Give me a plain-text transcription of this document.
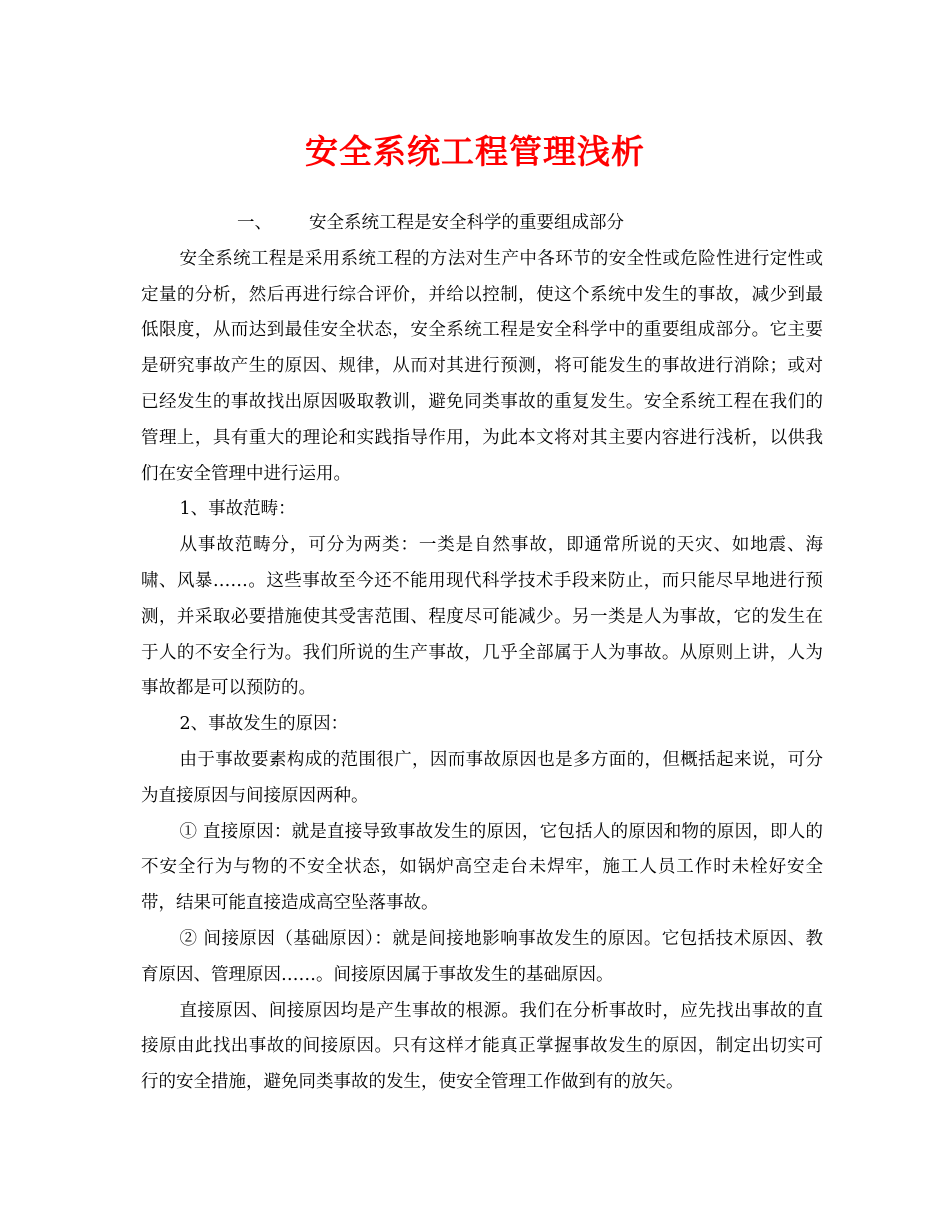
安全系统工程管理浅析

一、 安全系统工程是安全科学的重要组成部分

安全系统工程是采用系统工程的方法对生产中各环节的安全性或危险性进行定性或定量的分析，然后再进行综合评价，并给以控制，使这个系统中发生的事故，减少到最低限度，从而达到最佳安全状态，安全系统工程是安全科学中的重要组成部分。它主要是研究事故产生的原因、规律，从而对其进行预测，将可能发生的事故进行消除；或对已经发生的事故找出原因吸取教训，避免同类事故的重复发生。安全系统工程在我们的管理上，具有重大的理论和实践指导作用，为此本文将对其主要内容进行浅析，以供我们在安全管理中进行运用。

1、事故范畴：

从事故范畴分，可分为两类：一类是自然事故，即通常所说的天灾、如地震、海啸、风暴……。这些事故至今还不能用现代科学技术手段来防止，而只能尽早地进行预测，并采取必要措施使其受害范围、程度尽可能减少。另一类是人为事故，它的发生在于人的不安全行为。我们所说的生产事故，几乎全部属于人为事故。从原则上讲，人为事故都是可以预防的。

2、事故发生的原因：

由于事故要素构成的范围很广，因而事故原因也是多方面的，但概括起来说，可分为直接原因与间接原因两种。

① 直接原因：就是直接导致事故发生的原因，它包括人的原因和物的原因，即人的不安全行为与物的不安全状态，如锅炉高空走台未焊牢，施工人员工作时未栓好安全带，结果可能直接造成高空坠落事故。

② 间接原因（基础原因）：就是间接地影响事故发生的原因。它包括技术原因、教育原因、管理原因……。间接原因属于事故发生的基础原因。

直接原因、间接原因均是产生事故的根源。我们在分析事故时，应先找出事故的直接原由此找出事故的间接原因。只有这样才能真正掌握事故发生的原因，制定出切实可行的安全措施，避免同类事故的发生，使安全管理工作做到有的放矢。
